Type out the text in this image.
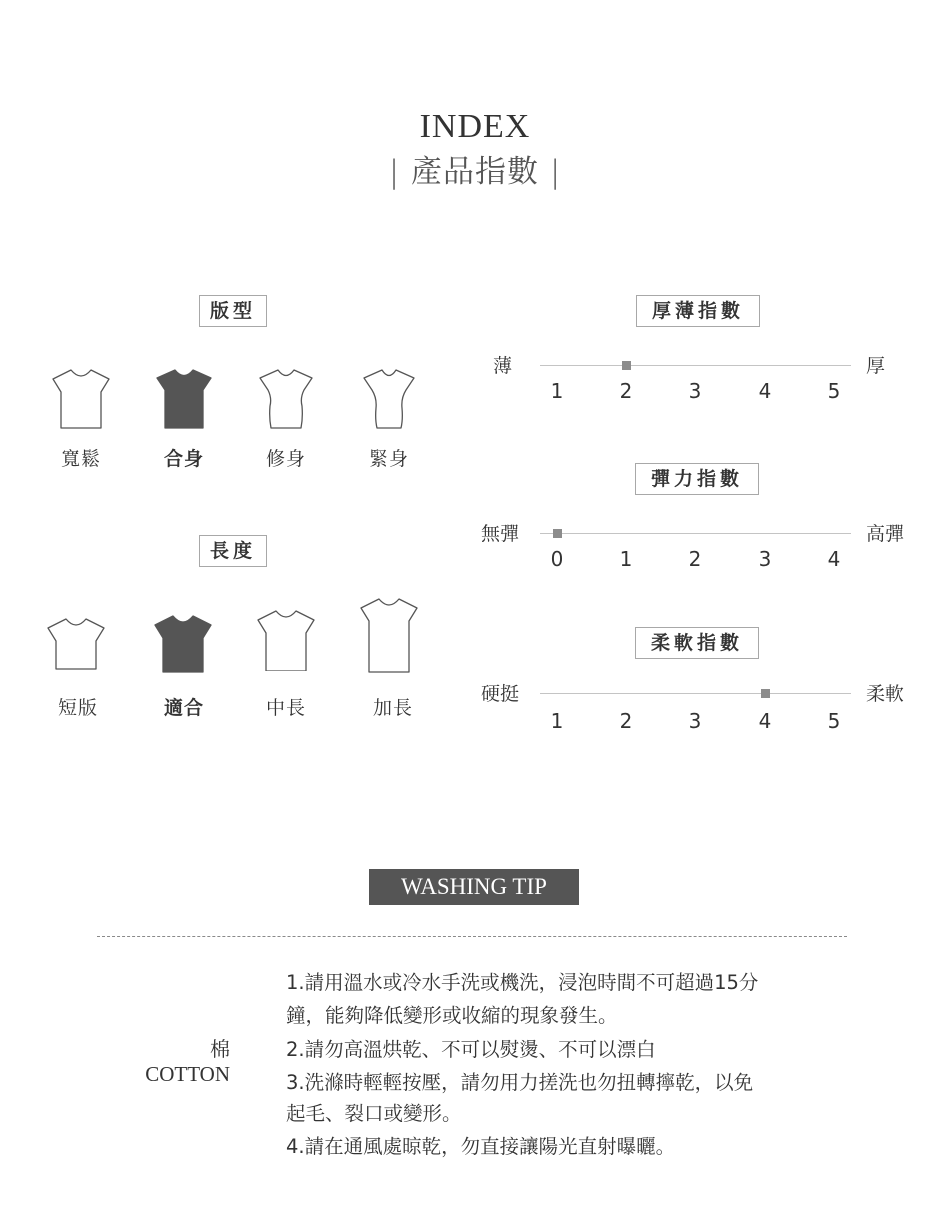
INDEX
| 產品指數 |
版型
寬鬆	合身	修身	緊身
長度
短版	適合	中長	加長
厚薄指數
薄	厚
1	2	3	4	5
彈力指數
無彈	高彈
0	1	2	3	4
柔軟指數
硬挺	柔軟
1	2	3	4	5
WASHING TIP
棉
COTTON
1.請用溫水或冷水手洗或機洗，浸泡時間不可超過15分
鐘，能夠降低變形或收縮的現象發生。
2.請勿高溫烘乾、不可以熨燙、不可以漂白
3.洗滌時輕輕按壓，請勿用力搓洗也勿扭轉擰乾，以免
起毛、裂口或變形。
4.請在通風處晾乾，勿直接讓陽光直射曝曬。
